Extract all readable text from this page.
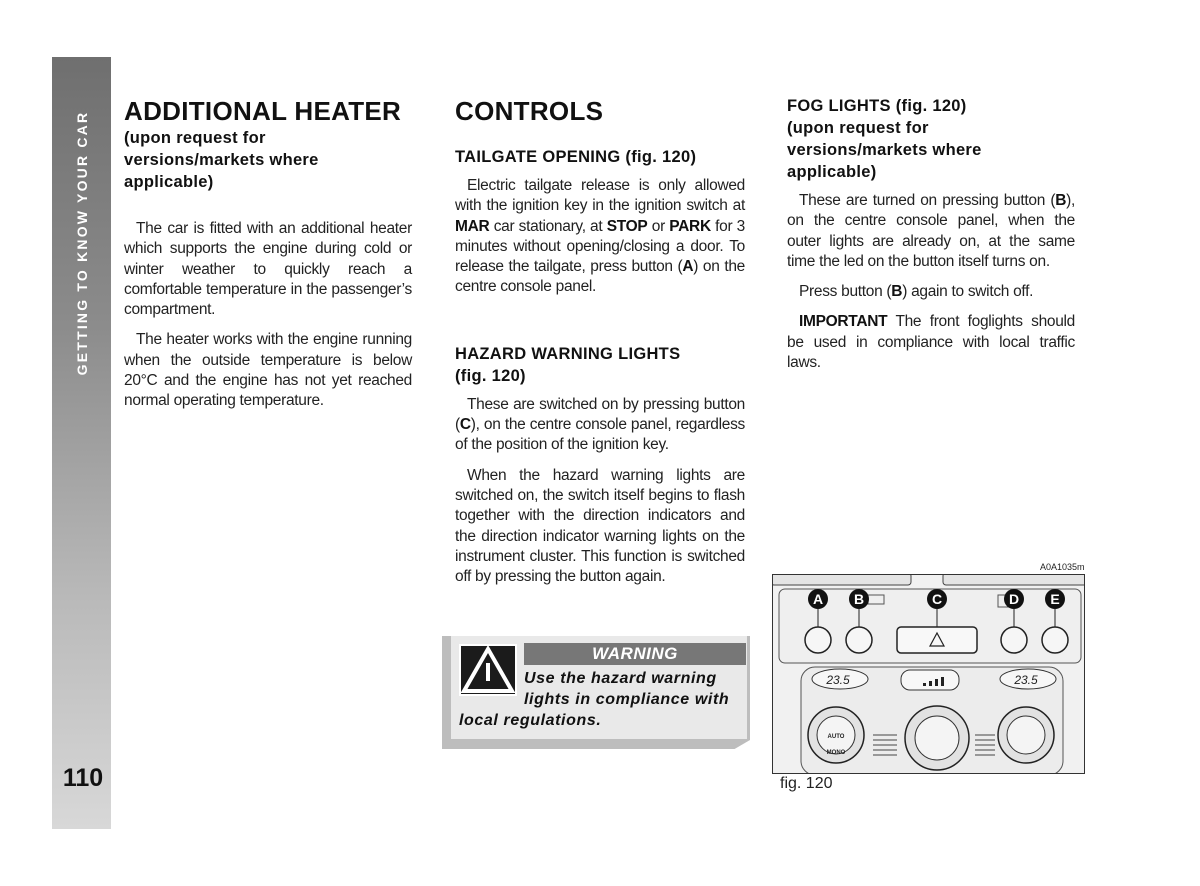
GETTING TO KNOW YOUR CAR
110
ADDITIONAL HEATER
(upon request for
versions/markets where
applicable)

The car is fitted with an additional heater which supports the engine during cold or winter weather to quickly reach a comfortable temperature in the passenger’s compartment.

The heater works with the engine running when the outside temperature is below 20°C and the engine has not yet reached normal operating temperature.

CONTROLS
TAILGATE OPENING (fig. 120)

Electric tailgate release is only allowed with the ignition key in the ignition switch at MAR car stationary, at STOP or PARK for 3 minutes without opening/closing a door. To release the tailgate, press button (A) on the centre console panel.

HAZARD WARNING LIGHTS
(fig. 120)

These are switched on by pressing button (C), on the centre console panel, regardless of the position of the ignition key.

When the hazard warning lights are switched on, the switch itself begins to flash together with the direction indicators and the direction indicator warning lights on the instrument cluster. This function is switched off by pressing the button again.

WARNING
Use the hazard warning
lights in compliance with
local regulations.
FOG LIGHTS (fig. 120)
(upon request for
versions/markets where
applicable)

These are turned on pressing button (B), on the centre console panel, when the outer lights are already on, at the same time the led on the button itself turns on.

Press button (B) again to switch off.

IMPORTANT The front foglights should be used in compliance with local traffic laws.

A0A1035m
A B	C	D E
23.5	23.5
AUTO
MONO
fig. 120
